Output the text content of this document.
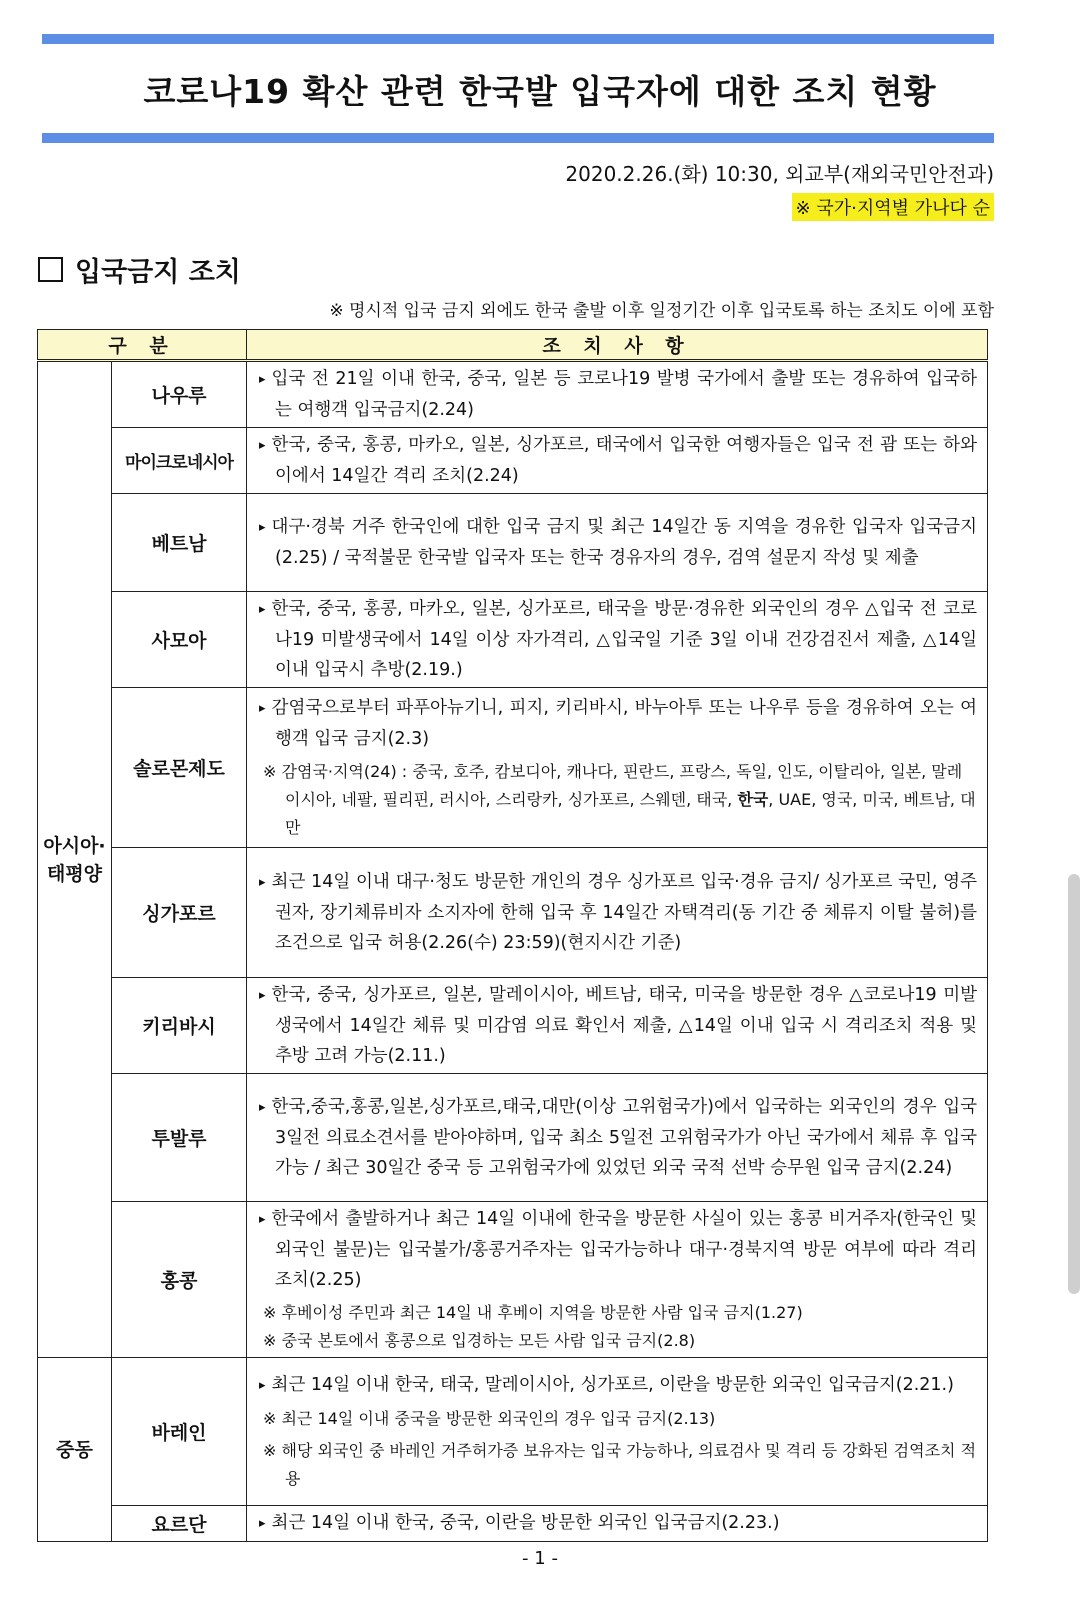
코로나19 확산 관련 한국발 입국자에 대한 조치 현황
2020.2.26.(화) 10:30, 외교부(재외국민안전과)
※ 국가·지역별 가나다 순
입국금지 조치
※ 명시적 입국 금지 외에도 한국 출발 이후 일정기간 이후 입국토록 하는 조치도 이에 포함
구 분		조 치 사 항
아시아·태평양	나우루	▸ 입국 전 21일 이내 한국, 중국, 일본 등 코로나19 발병 국가에서 출발 또는 경유하여 입국하는 여행객 입국금지(2.24)

	마이크로네시아	▸ 한국, 중국, 홍콩, 마카오, 일본, 싱가포르, 태국에서 입국한 여행자들은 입국 전 괌 또는 하와이에서 14일간 격리 조치(2.24)

	베트남	▸ 대구·경북 거주 한국인에 대한 입국 금지 및 최근 14일간 동 지역을 경유한 입국자 입국금지(2.25) / 국적불문 한국발 입국자 또는 한국 경유자의 경우, 검역 설문지 작성 및 제출

	사모아	▸ 한국, 중국, 홍콩, 마카오, 일본, 싱가포르, 태국을 방문·경유한 외국인의 경우 △입국 전 코로나19 미발생국에서 14일 이상 자가격리, △입국일 기준 3일 이내 건강검진서 제출, △14일 이내 입국시 추방(2.19.)

	솔로몬제도	▸ 감염국으로부터 파푸아뉴기니, 피지, 키리바시, 바누아투 또는 나우루 등을 경유하여 오는 여행객 입국 금지(2.3)
※ 감염국·지역(24) : 중국, 호주, 캄보디아, 캐나다, 핀란드, 프랑스, 독일, 인도, 이탈리아, 일본, 말레이시아, 네팔, 필리핀, 러시아, 스리랑카, 싱가포르, 스웨덴, 태국, 한국, UAE, 영국, 미국, 베트남, 대만

	싱가포르	▸ 최근 14일 이내 대구·청도 방문한 개인의 경우 싱가포르 입국·경유 금지/ 싱가포르 국민, 영주권자, 장기체류비자 소지자에 한해 입국 후 14일간 자택격리(동 기간 중 체류지 이탈 불허)를 조건으로 입국 허용(2.26(수) 23:59)(현지시간 기준)

	키리바시	▸ 한국, 중국, 싱가포르, 일본, 말레이시아, 베트남, 태국, 미국을 방문한 경우 △코로나19 미발생국에서 14일간 체류 및 미감염 의료 확인서 제출, △14일 이내 입국 시 격리조치 적용 및 추방 고려 가능(2.11.)

	투발루	▸ 한국,중국,홍콩,일본,싱가포르,태국,대만(이상 고위험국가)에서 입국하는 외국인의 경우 입국 3일전 의료소견서를 받아야하며, 입국 최소 5일전 고위험국가가 아닌 국가에서 체류 후 입국 가능 / 최근 30일간 중국 등 고위험국가에 있었던 외국 국적 선박 승무원 입국 금지(2.24)

	홍콩	▸ 한국에서 출발하거나 최근 14일 이내에 한국을 방문한 사실이 있는 홍콩 비거주자(한국인 및 외국인 불문)는 입국불가/홍콩거주자는 입국가능하나 대구·경북지역 방문 여부에 따라 격리 조치(2.25)
※ 후베이성 주민과 최근 14일 내 후베이 지역을 방문한 사람 입국 금지(1.27)
※ 중국 본토에서 홍콩으로 입경하는 모든 사람 입국 금지(2.8)

중동	바레인	▸ 최근 14일 이내 한국, 태국, 말레이시아, 싱가포르, 이란을 방문한 외국인 입국금지(2.21.)
※ 최근 14일 이내 중국을 방문한 외국인의 경우 입국 금지(2.13)
※ 해당 외국인 중 바레인 거주허가증 보유자는 입국 가능하나, 의료검사 및 격리 등 강화된 검역조치 적용

	요르단	▸ 최근 14일 이내 한국, 중국, 이란을 방문한 외국인 입국금지(2.23.)
- 1 -
